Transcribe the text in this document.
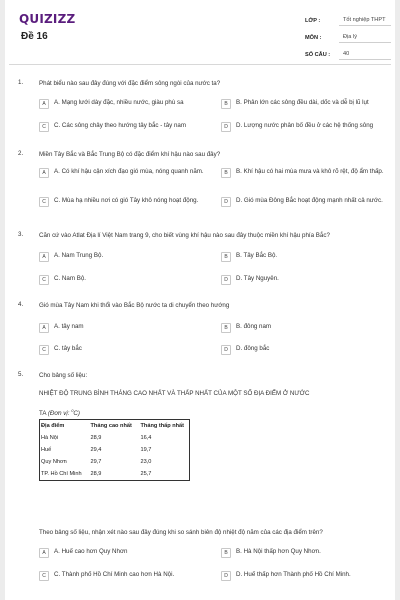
QUIZIZZ
Đề 16
LỚP :	Tốt nghiệp THPT
MÔN :	Địa lý
SỐ CÂU :	40
1.	Phát biểu nào sau đây đúng với đặc điểm sông ngòi của nước ta?
A	A. Mạng lưới dày đặc, nhiều nước, giàu phù sa	B	B. Phân lớn các sông đều dài, dốc và dễ bị lũ lụt
C	C. Các sông chảy theo hướng tây bắc - tây nam	D	D. Lượng nước phân bố đều ở các hệ thống sông
2.	Miền Tây Bắc và Bắc Trung Bộ có đặc điểm khí hậu nào sau đây?
A	A. Có khí hậu cận xích đạo gió mùa, nóng quanh năm.	B	B. Khí hậu có hai mùa mưa và khô rõ rệt, độ ẩm thấp.
C	C. Mùa hạ nhiều nơi có gió Tây khô nóng hoạt động.	D	D. Gió mùa Đông Bắc hoạt động mạnh nhất cả nước.
3.	Căn cứ vào Atlat Địa lí Việt Nam trang 9, cho biết vùng khí hậu nào sau đây thuộc miền khí hậu phía Bắc?
A	A. Nam Trung Bộ.	B	B. Tây Bắc Bộ.
C	C. Nam Bộ.	D	D. Tây Nguyên.
4.	Gió mùa Tây Nam khi thổi vào Bắc Bộ nước ta di chuyển theo hướng
A	A. tây nam	B	B. đông nam
C	C. tây bắc	D	D. đông bắc
5.	Cho bảng số liệu:
NHIỆT ĐỘ TRUNG BÌNH THÁNG CAO NHẤT VÀ THẤP NHẤT CỦA MỘT SỐ ĐỊA ĐIỂM Ở NƯỚC
TA (Đơn vị: $^0$C)
Địa điểm	Tháng cao nhất	Tháng thấp nhất
Hà Nội	28,9	16,4
Huế	29,4	19,7
Quy Nhơn	29,7	23,0
TP. Hồ Chí Minh	28,9	25,7
Theo bảng số liệu, nhận xét nào sau đây đúng khi so sánh biên độ nhiệt độ năm của các địa điểm trên?
A	A. Huế cao hơn Quy Nhơn	B	B. Hà Nội thấp hơn Quy Nhơn.
C	C. Thành phố Hồ Chí Minh cao hơn Hà Nội.	D	D. Huế thấp hơn Thành phố Hồ Chí Minh.
